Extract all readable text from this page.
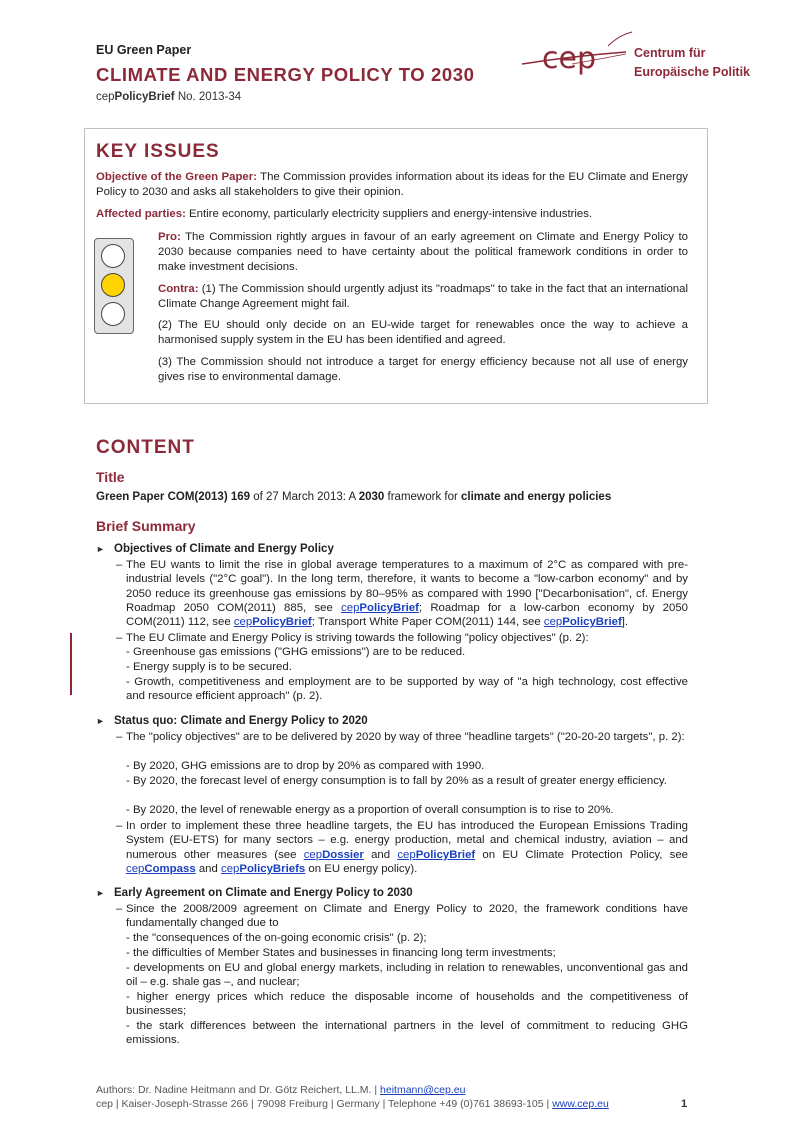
EU Green Paper
CLIMATE AND ENERGY POLICY TO 2030
cepPolicyBrief No. 2013-34
cep	Centrum für
Europäische Politik
KEY ISSUES
Objective of the Green Paper: The Commission provides information about its ideas for the EU Climate and Energy Policy to 2030 and asks all stakeholders to give their opinion.
Affected parties: Entire economy, particularly electricity suppliers and energy-intensive industries.
Pro: The Commission rightly argues in favour of an early agreement on Climate and Energy Policy to 2030 because companies need to have certainty about the political framework conditions in order to make investment decisions.
Contra: (1) The Commission should urgently adjust its "roadmaps" to take in the fact that an international Climate Change Agreement might fail.
(2) The EU should only decide on an EU-wide target for renewables once the way to achieve a harmonised supply system in the EU has been identified and agreed.
(3) The Commission should not introduce a target for energy efficiency because not all use of energy gives rise to environmental damage.
CONTENT
Title
Green Paper COM(2013) 169 of 27 March 2013: A 2030 framework for climate and energy policies
Brief Summary
► Objectives of Climate and Energy Policy
– The EU wants to limit the rise in global average temperatures to a maximum of 2°C as compared with pre-industrial levels ("2°C goal"). In the long term, therefore, it wants to become a "low-carbon economy" and by 2050 reduce its greenhouse gas emissions by 80–95% as compared with 1990 ["Decarbonisation", cf. Energy Roadmap 2050 COM(2011) 885, see cepPolicyBrief; Roadmap for a low-carbon economy by 2050 COM(2011) 112, see cepPolicyBrief; Transport White Paper COM(2011) 144, see cepPolicyBrief].
– The EU Climate and Energy Policy is striving towards the following "policy objectives" (p. 2):
- Greenhouse gas emissions ("GHG emissions") are to be reduced.
- Energy supply is to be secured.
- Growth, competitiveness and employment are to be supported by way of "a high technology, cost effective and resource efficient approach" (p. 2).
► Status quo: Climate and Energy Policy to 2020
– The "policy objectives" are to be delivered by 2020 by way of three "headline targets" ("20-20-20 targets", p. 2):
- By 2020, GHG emissions are to drop by 20% as compared with 1990.
- By 2020, the forecast level of energy consumption is to fall by 20% as a result of greater energy efficiency.
- By 2020, the level of renewable energy as a proportion of overall consumption is to rise to 20%.
– In order to implement these three headline targets, the EU has introduced the European Emissions Trading System (EU-ETS) for many sectors – e.g. energy production, metal and chemical industry, aviation – and numerous other measures (see cepDossier and cepPolicyBrief on EU Climate Protection Policy, see cepCompass and cepPolicyBriefs on EU energy policy).
► Early Agreement on Climate and Energy Policy to 2030
– Since the 2008/2009 agreement on Climate and Energy Policy to 2020, the framework conditions have fundamentally changed due to
- the "consequences of the on-going economic crisis" (p. 2);
- the difficulties of Member States and businesses in financing long term investments;
- developments on EU and global energy markets, including in relation to renewables, unconventional gas and oil – e.g. shale gas –, and nuclear;
- higher energy prices which reduce the disposable income of households and the competitiveness of businesses;
- the stark differences between the international partners in the level of commitment to reducing GHG emissions.
Authors: Dr. Nadine Heitmann and Dr. Götz Reichert, LL.M. | heitmann@cep.eu
cep | Kaiser-Joseph-Strasse 266 | 79098 Freiburg | Germany | Telephone +49 (0)761 38693-105 | www.cep.eu	1
